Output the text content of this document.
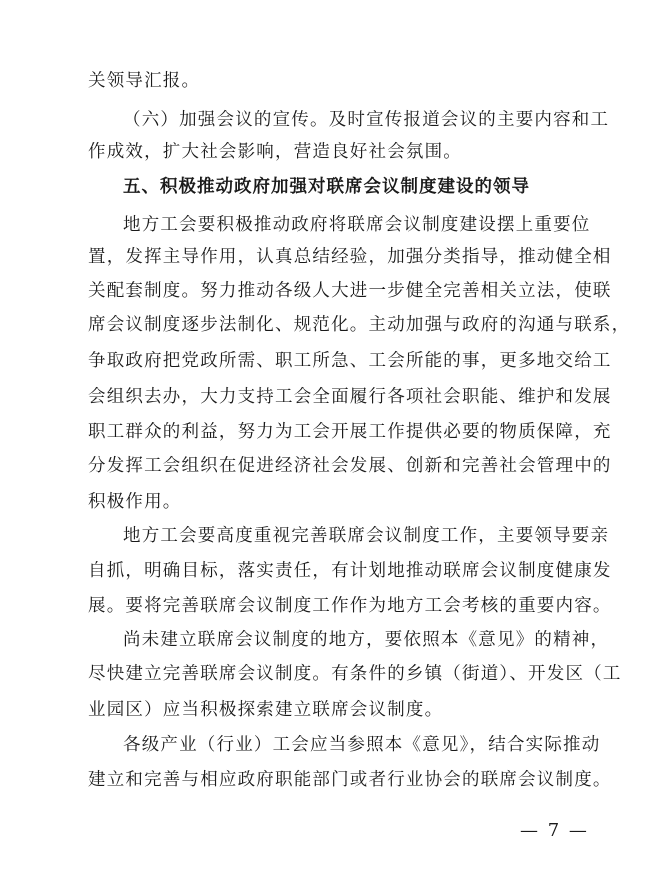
关领导汇报。
（六）加强会议的宣传。及时宣传报道会议的主要内容和工
作成效，扩大社会影响，营造良好社会氛围。
五、积极推动政府加强对联席会议制度建设的领导
地方工会要积极推动政府将联席会议制度建设摆上重要位
置，发挥主导作用，认真总结经验，加强分类指导，推动健全相
关配套制度。努力推动各级人大进一步健全完善相关立法，使联
席会议制度逐步法制化、规范化。主动加强与政府的沟通与联系，
争取政府把党政所需、职工所急、工会所能的事，更多地交给工
会组织去办，大力支持工会全面履行各项社会职能、维护和发展
职工群众的利益，努力为工会开展工作提供必要的物质保障，充
分发挥工会组织在促进经济社会发展、创新和完善社会管理中的
积极作用。
地方工会要高度重视完善联席会议制度工作，主要领导要亲
自抓，明确目标，落实责任，有计划地推动联席会议制度健康发
展。要将完善联席会议制度工作作为地方工会考核的重要内容。
尚未建立联席会议制度的地方，要依照本《意见》的精神，
尽快建立完善联席会议制度。有条件的乡镇（街道）、开发区（工
业园区）应当积极探索建立联席会议制度。
各级产业（行业）工会应当参照本《意见》，结合实际推动
建立和完善与相应政府职能部门或者行业协会的联席会议制度。
— 7 —
